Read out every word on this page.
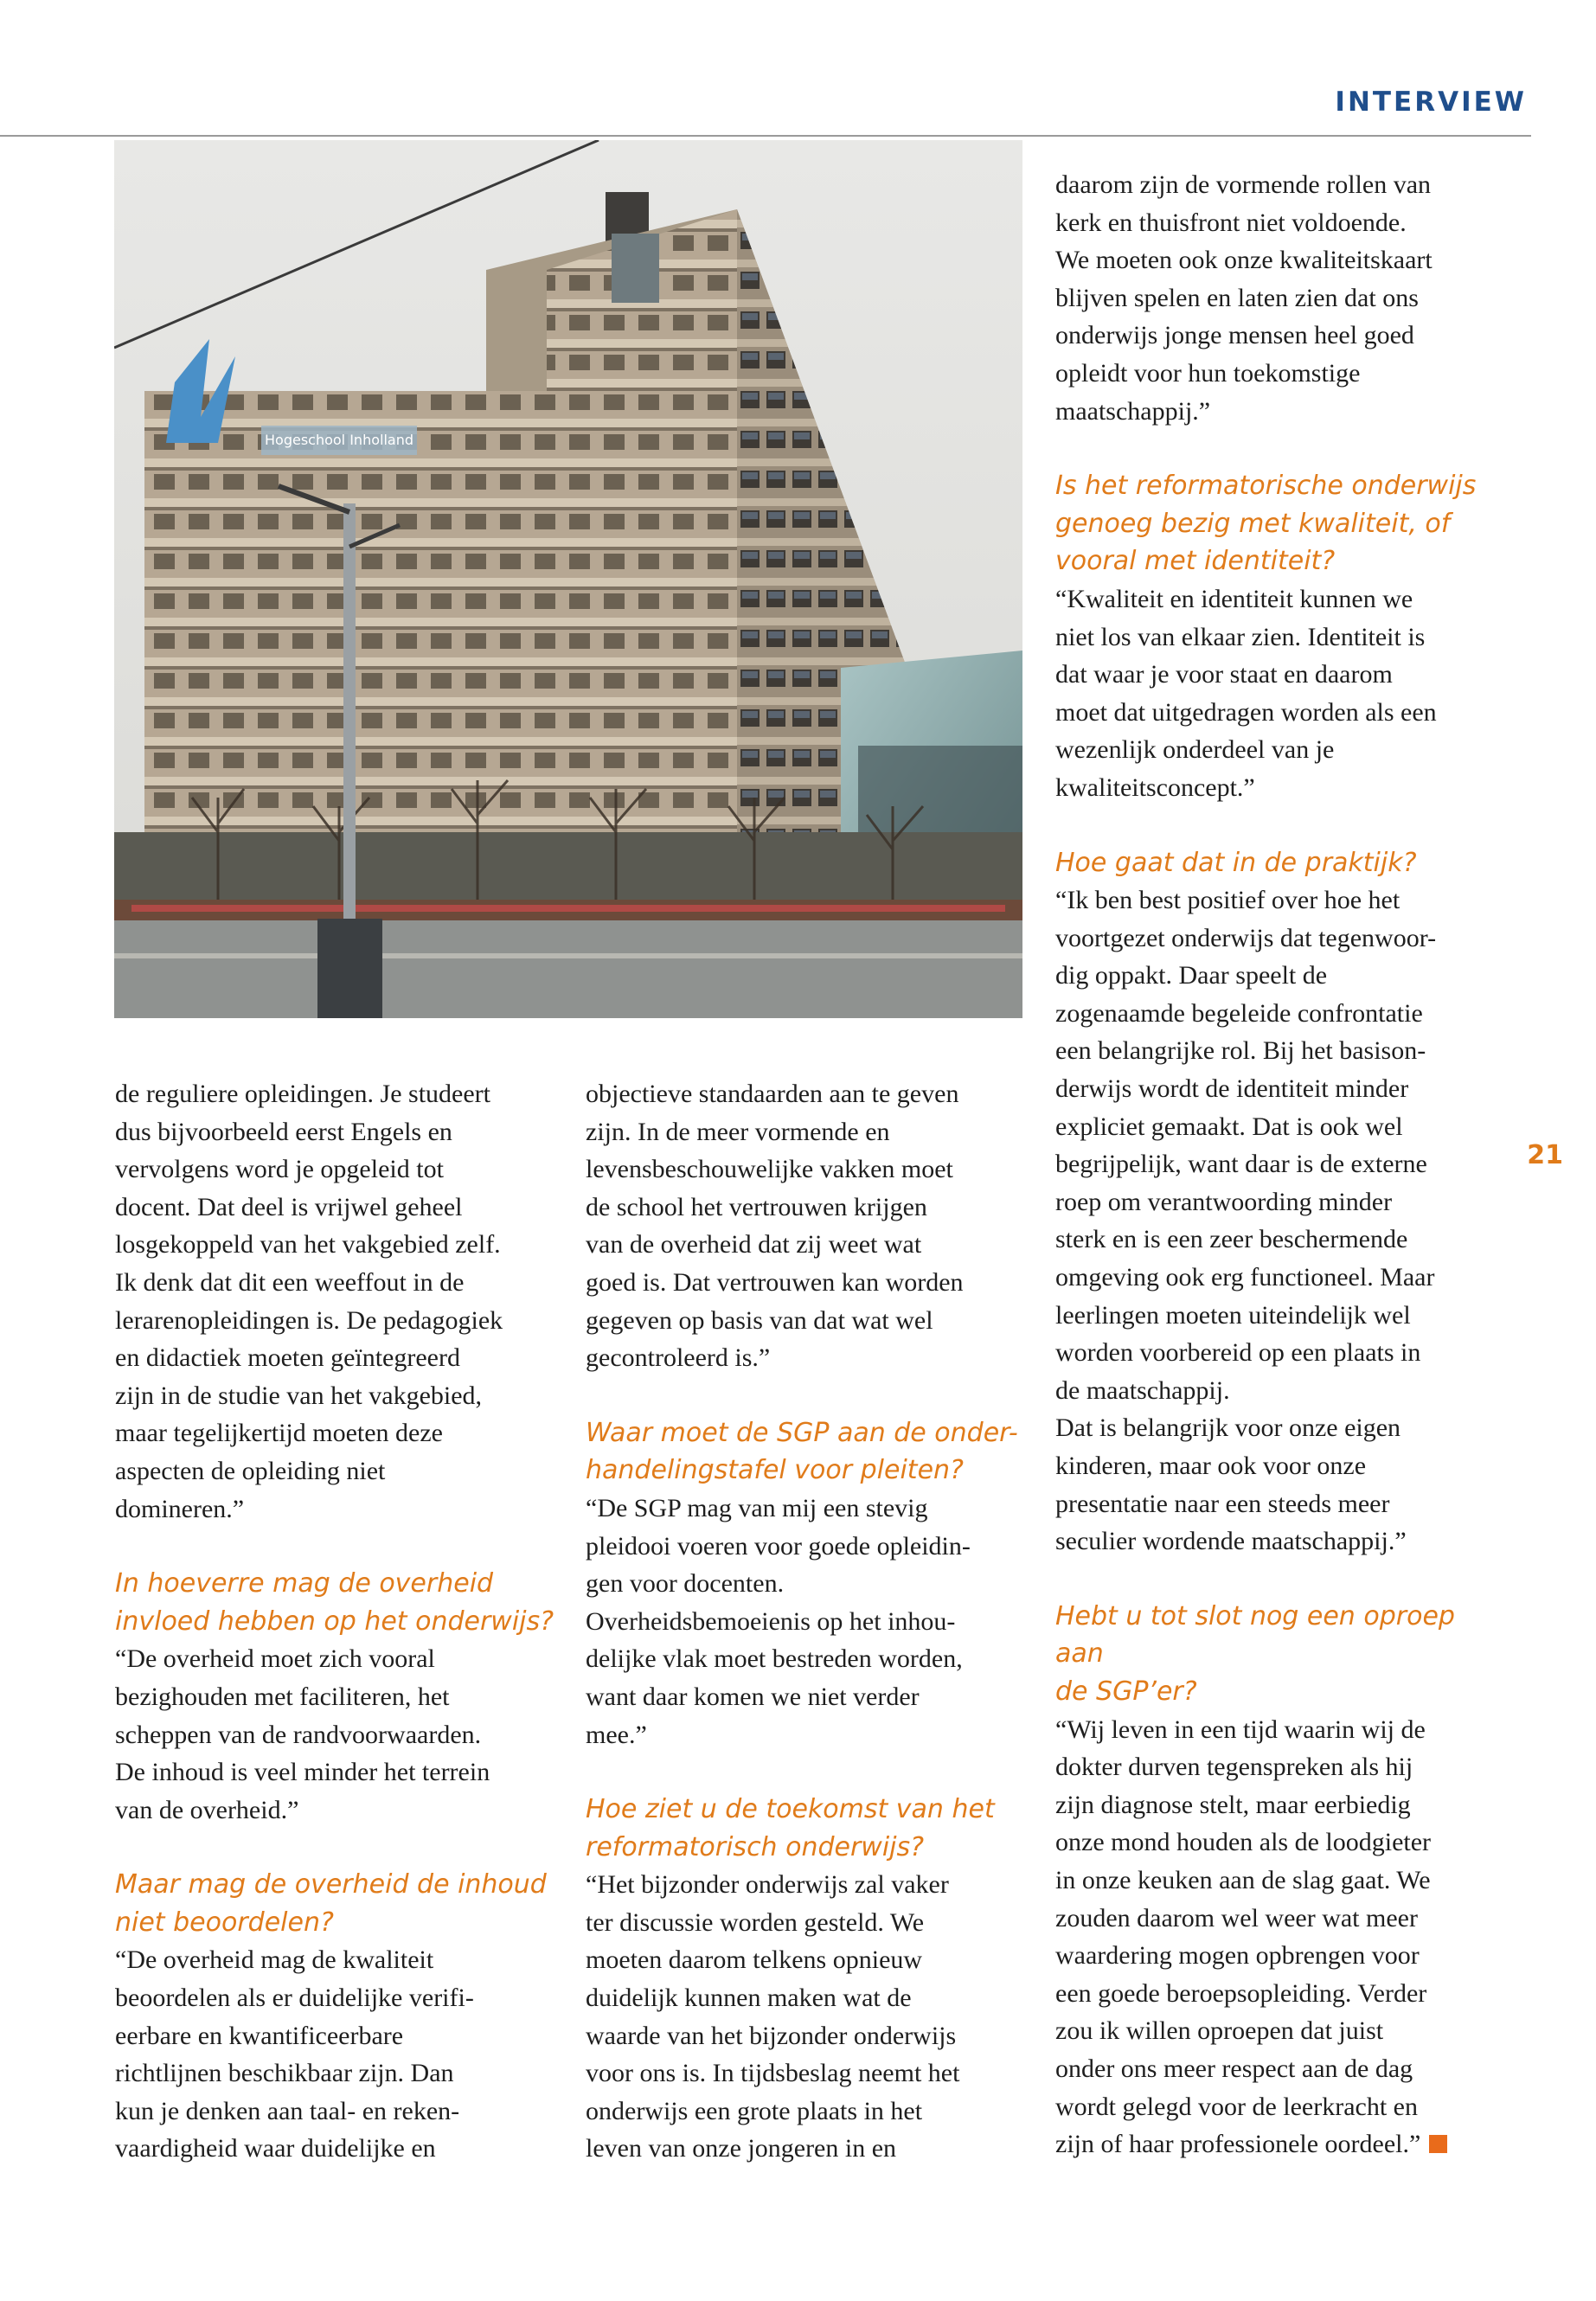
INTERVIEW
21
Hogeschool Inholland

de reguliere opleidingen. Je studeert
dus bijvoorbeeld eerst Engels en
vervolgens word je opgeleid tot
docent. Dat deel is vrijwel geheel
losgekoppeld van het vakgebied zelf.
Ik denk dat dit een weeffout in de
lerarenopleidingen is. De pedagogiek
en didactiek moeten geïntegreerd
zijn in de studie van het vakgebied,
maar tegelijkertijd moeten deze
aspecten de opleiding niet
domineren.”

In hoeverre mag de overheid
invloed hebben op het onderwijs?

“De overheid moet zich vooral
bezighouden met faciliteren, het
scheppen van de randvoorwaarden.
De inhoud is veel minder het terrein
van de overheid.”

Maar mag de overheid de inhoud
niet beoordelen?

“De overheid mag de kwaliteit
beoordelen als er duidelijke verifi-
eerbare en kwantificeerbare
richtlijnen beschikbaar zijn. Dan
kun je denken aan taal- en reken-
vaardigheid waar duidelijke en

objectieve standaarden aan te geven
zijn. In de meer vormende en
levensbeschouwelijke vakken moet
de school het vertrouwen krijgen
van de overheid dat zij weet wat
goed is. Dat vertrouwen kan worden
gegeven op basis van dat wat wel
gecontroleerd is.”

Waar moet de SGP aan de onder-
handelingstafel voor pleiten?

“De SGP mag van mij een stevig
pleidooi voeren voor goede opleidin-
gen voor docenten.
Overheidsbemoeienis op het inhou-
delijke vlak moet bestreden worden,
want daar komen we niet verder
mee.”

Hoe ziet u de toekomst van het
reformatorisch onderwijs?

“Het bijzonder onderwijs zal vaker
ter discussie worden gesteld. We
moeten daarom telkens opnieuw
duidelijk kunnen maken wat de
waarde van het bijzonder onderwijs
voor ons is. In tijdsbeslag neemt het
onderwijs een grote plaats in het
leven van onze jongeren in en

daarom zijn de vormende rollen van
kerk en thuisfront niet voldoende.
We moeten ook onze kwaliteitskaart
blijven spelen en laten zien dat ons
onderwijs jonge mensen heel goed
opleidt voor hun toekomstige
maatschappij.”

Is het reformatorische onderwijs
genoeg bezig met kwaliteit, of
vooral met identiteit?

“Kwaliteit en identiteit kunnen we
niet los van elkaar zien. Identiteit is
dat waar je voor staat en daarom
moet dat uitgedragen worden als een
wezenlijk onderdeel van je
kwaliteitsconcept.”

Hoe gaat dat in de praktijk?

“Ik ben best positief over hoe het
voortgezet onderwijs dat tegenwoor-
dig oppakt. Daar speelt de
zogenaamde begeleide confrontatie
een belangrijke rol. Bij het basison-
derwijs wordt de identiteit minder
expliciet gemaakt. Dat is ook wel
begrijpelijk, want daar is de externe
roep om verantwoording minder
sterk en is een zeer beschermende
omgeving ook erg functioneel. Maar
leerlingen moeten uiteindelijk wel
worden voorbereid op een plaats in
de maatschappij.
Dat is belangrijk voor onze eigen
kinderen, maar ook voor onze
presentatie naar een steeds meer
seculier wordende maatschappij.”

Hebt u tot slot nog een oproep aan
de SGP’er?

“Wij leven in een tijd waarin wij de
dokter durven tegenspreken als hij
zijn diagnose stelt, maar eerbiedig
onze mond houden als de loodgieter
in onze keuken aan de slag gaat. We
zouden daarom wel weer wat meer
waardering mogen opbrengen voor
een goede beroepsopleiding. Verder
zou ik willen oproepen dat juist
onder ons meer respect aan de dag
wordt gelegd voor de leerkracht en
zijn of haar professionele oordeel.”
